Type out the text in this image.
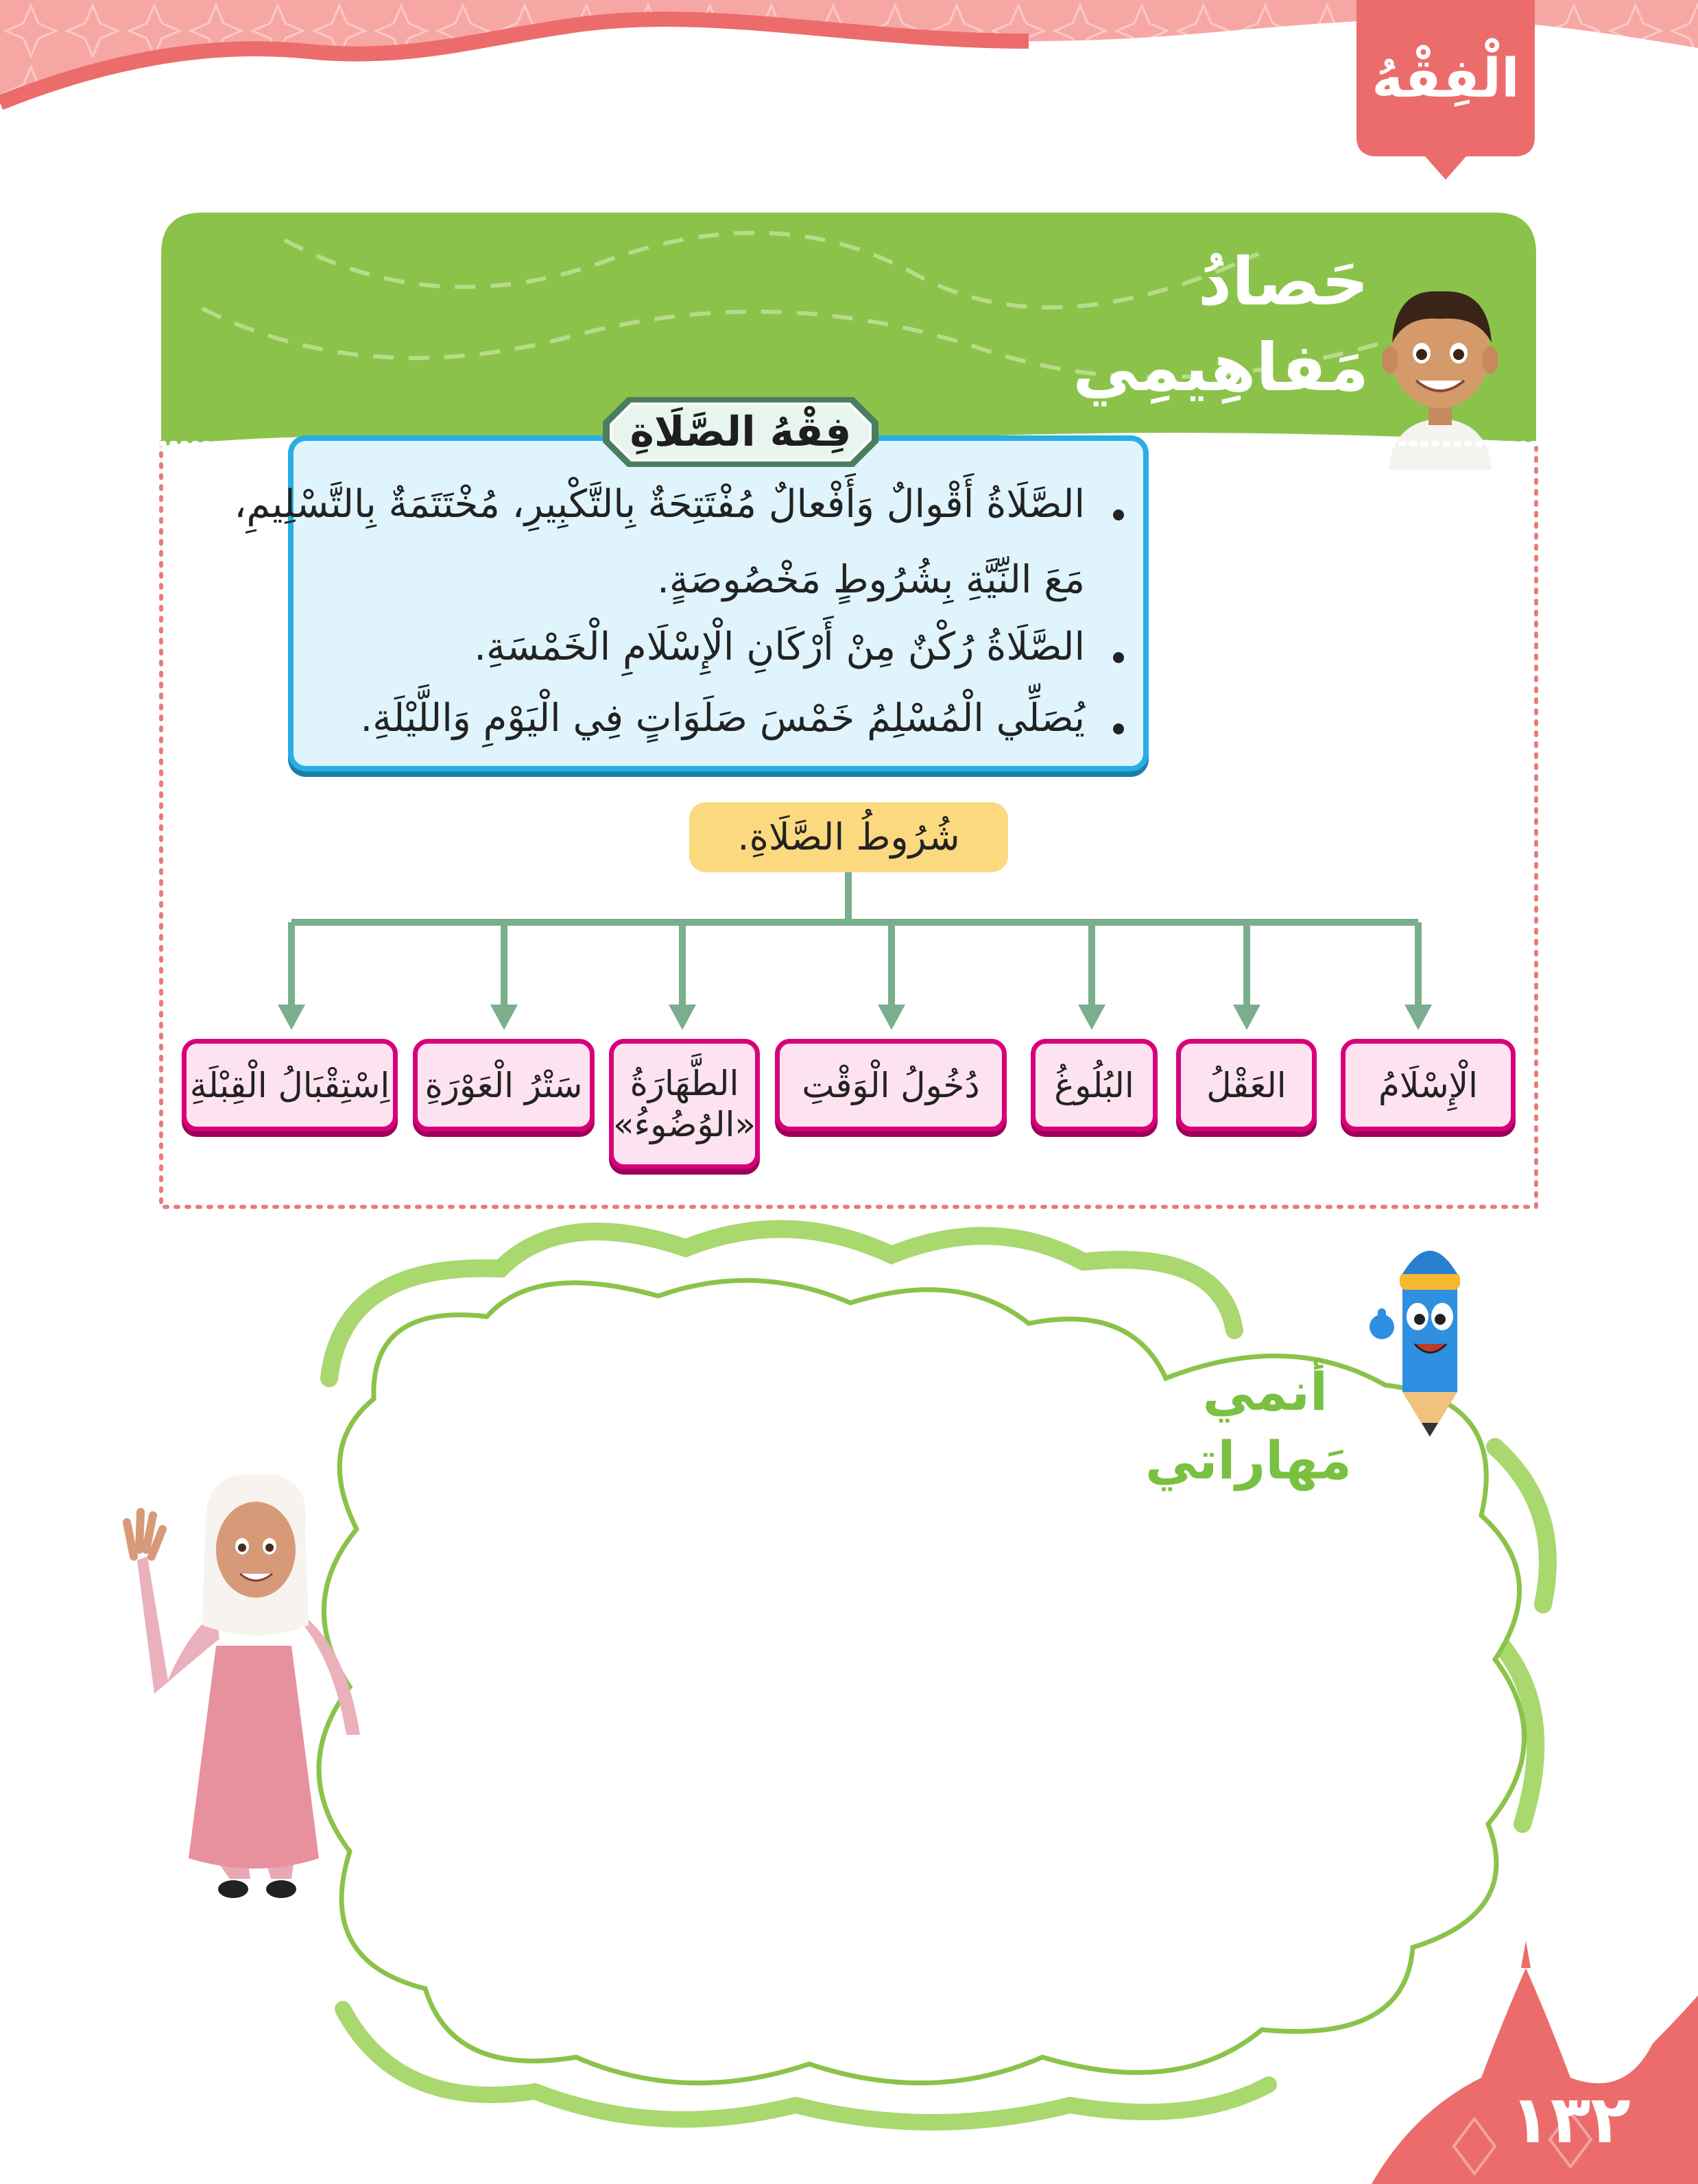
الْفِقْهُ
حَصادُ
مَفاهِيمِي
الصَّلَاةُ أَقْوالٌ وَأَفْعالٌ مُفْتَتِحَةٌ بِالتَّكْبِيرِ، مُخْتَتَمَةٌ بِالتَّسْلِيمِ،
مَعَ النِّيَّةِ بِشُرُوطٍ مَخْصُوصَةٍ.
الصَّلَاةُ رُكْنٌ مِنْ أَرْكَانِ الْإِسْلَامِ الْخَمْسَةِ.
يُصَلِّي الْمُسْلِمُ خَمْسَ صَلَوَاتٍ فِي الْيَوْمِ وَاللَّيْلَةِ.
فِقْهُ الصَّلَاةِ
شُرُوطُ الصَّلَاةِ.
الْإِسْلَامُ
العَقْلُ
البُلُوغُ
دُخُولُ الْوَقْتِ
الطَّهَارَةُ «الوُضُوءُ»
سَتْرُ الْعَوْرَةِ
اِسْتِقْبَالُ الْقِبْلَةِ
أنمي
مَهاراتي
١٣٢
